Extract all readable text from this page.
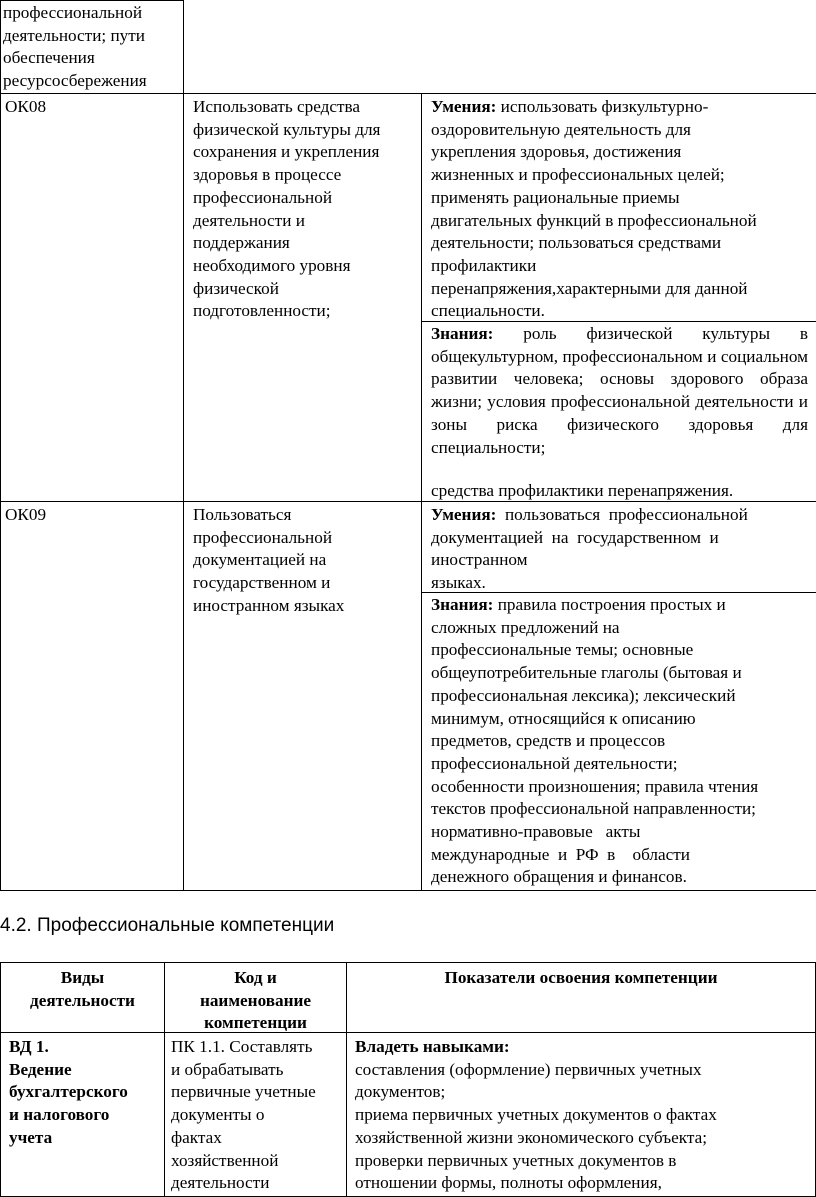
профессиональной
деятельности; пути
обеспечения
ресурсосбережения
ОК08	Использовать средства
физической культуры для
сохранения и укрепления
здоровья в процессе
профессиональной
деятельности и
поддержания
необходимого уровня
физической
подготовленности;
Умения: использовать физкультурно-
оздоровительную деятельность для
укрепления здоровья, достижения
жизненных и профессиональных целей;
применять рациональные приемы
двигательных функций в профессиональной
деятельности; пользоваться средствами
профилактики
перенапряжения,характерными для данной
специальности.
Знания: роль физической культуры в общекультурном, профессиональном и социальном развитии человека; основы здорового образа жизни; условия профессиональной деятельности и зоны риска физического здоровья для специальности;
средства профилактики перенапряжения.
ОК09	Пользоваться
профессиональной
документацией на
государственном и
иностранном языках
Умения:  пользоваться  профессиональной
документацией  на  государственном  и
иностранном
языках.
Знания: правила построения простых и
сложных предложений на
профессиональные темы; основные
общеупотребительные глаголы (бытовая и
профессиональная лексика); лексический
минимум, относящийся к описанию
предметов, средств и процессов
профессиональной деятельности;
особенности произношения; правила чтения
текстов профессиональной направленности;
нормативно-правовые   акты
международные  и  РФ  в    области
денежного обращения и финансов.
4.2. Профессиональные компетенции
Виды
деятельности
Код и
наименование
компетенции
Показатели освоения компетенции
ВД 1.
Ведение
бухгалтерского
и налогового
учета
ПК 1.1. Составлять
и обрабатывать
первичные учетные
документы о
фактах
хозяйственной
деятельности
Владеть навыками:
составления (оформление) первичных учетных
документов;
приема первичных учетных документов о фактах
хозяйственной жизни экономического субъекта;
проверки первичных учетных документов в
отношении формы, полноты оформления,
